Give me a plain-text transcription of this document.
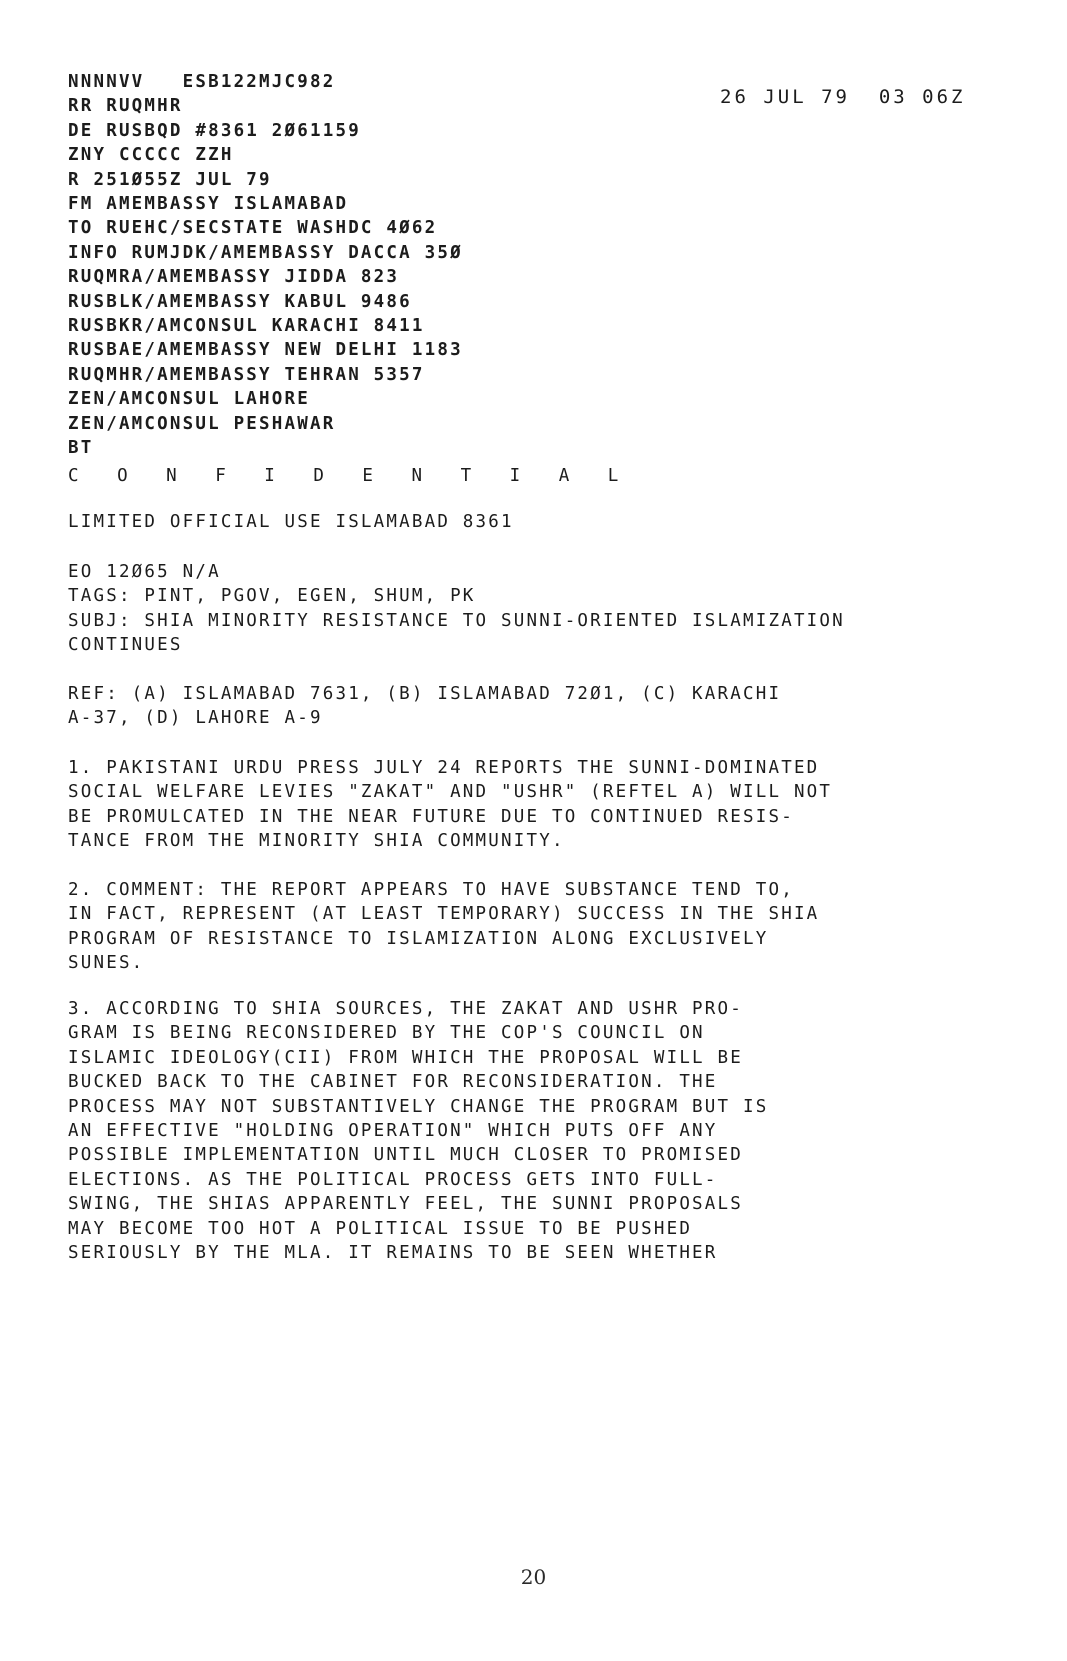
26 JUL 79  03 06Z
NNNNVV   ESB122MJC982
RR RUQMHR
DE RUSBQD #8361 2Ø61159
ZNY CCCCC ZZH
R 251Ø55Z JUL 79
FM AMEMBASSY ISLAMABAD
TO RUEHC/SECSTATE WASHDC 4Ø62
INFO RUMJDK/AMEMBASSY DACCA 35Ø
RUQMRA/AMEMBASSY JIDDA 823
RUSBLK/AMEMBASSY KABUL 9486
RUSBKR/AMCONSUL KARACHI 8411
RUSBAE/AMEMBASSY NEW DELHI 1183
RUQMHR/AMEMBASSY TEHRAN 5357
ZEN/AMCONSUL LAHORE
ZEN/AMCONSUL PESHAWAR
BT
C O N F I D E N T I A L
LIMITED OFFICIAL USE ISLAMABAD 8361
EO 12Ø65 N/A
TAGS: PINT, PGOV, EGEN, SHUM, PK
SUBJ: SHIA MINORITY RESISTANCE TO SUNNI-ORIENTED ISLAMIZATION
CONTINUES
REF: (A) ISLAMABAD 7631, (B) ISLAMABAD 72Ø1, (C) KARACHI
A-37, (D) LAHORE A-9
1. PAKISTANI URDU PRESS JULY 24 REPORTS THE SUNNI-DOMINATED
SOCIAL WELFARE LEVIES "ZAKAT" AND "USHR" (REFTEL A) WILL NOT
BE PROMULCATED IN THE NEAR FUTURE DUE TO CONTINUED RESIS-
TANCE FROM THE MINORITY SHIA COMMUNITY.
2. COMMENT: THE REPORT APPEARS TO HAVE SUBSTANCE TEND TO,
IN FACT, REPRESENT (AT LEAST TEMPORARY) SUCCESS IN THE SHIA
PROGRAM OF RESISTANCE TO ISLAMIZATION ALONG EXCLUSIVELY
SUNES.
3. ACCORDING TO SHIA SOURCES, THE ZAKAT AND USHR PRO-
GRAM IS BEING RECONSIDERED BY THE COP'S COUNCIL ON
ISLAMIC IDEOLOGY(CII) FROM WHICH THE PROPOSAL WILL BE
BUCKED BACK TO THE CABINET FOR RECONSIDERATION. THE
PROCESS MAY NOT SUBSTANTIVELY CHANGE THE PROGRAM BUT IS
AN EFFECTIVE "HOLDING OPERATION" WHICH PUTS OFF ANY
POSSIBLE IMPLEMENTATION UNTIL MUCH CLOSER TO PROMISED
ELECTIONS. AS THE POLITICAL PROCESS GETS INTO FULL-
SWING, THE SHIAS APPARENTLY FEEL, THE SUNNI PROPOSALS
MAY BECOME TOO HOT A POLITICAL ISSUE TO BE PUSHED
SERIOUSLY BY THE MLA. IT REMAINS TO BE SEEN WHETHER
20
